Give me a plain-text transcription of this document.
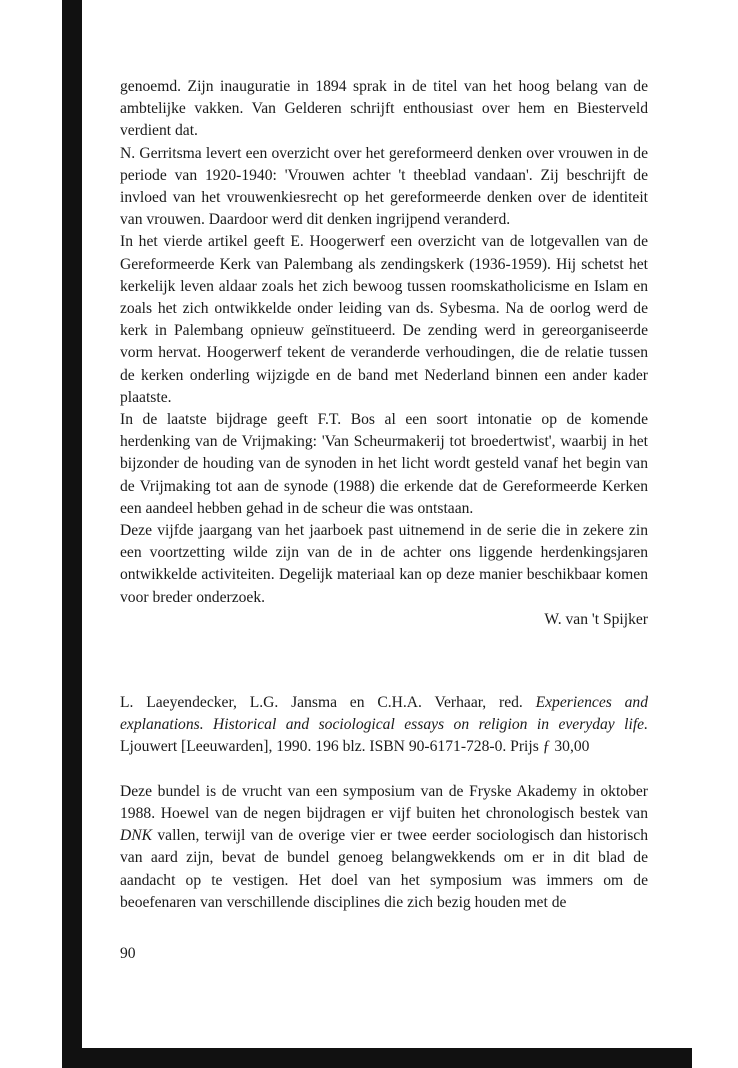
genoemd. Zijn inauguratie in 1894 sprak in de titel van het hoog belang van de ambtelijke vakken. Van Gelderen schrijft enthousiast over hem en Biesterveld verdient dat.

N. Gerritsma levert een overzicht over het gereformeerd denken over vrouwen in de periode van 1920-1940: 'Vrouwen achter 't theeblad vandaan'. Zij beschrijft de invloed van het vrouwenkiesrecht op het gereformeerde denken over de identiteit van vrouwen. Daardoor werd dit denken ingrijpend veranderd.

In het vierde artikel geeft E. Hoogerwerf een overzicht van de lotgevallen van de Gereformeerde Kerk van Palembang als zendingskerk (1936-1959). Hij schetst het kerkelijk leven aldaar zoals het zich bewoog tussen roomskatholicisme en Islam en zoals het zich ontwikkelde onder leiding van ds. Sybesma. Na de oorlog werd de kerk in Palembang opnieuw geïnstitueerd. De zending werd in gereorganiseerde vorm hervat. Hoogerwerf tekent de veranderde verhoudingen, die de relatie tussen de kerken onderling wijzigde en de band met Nederland binnen een ander kader plaatste.

In de laatste bijdrage geeft F.T. Bos al een soort intonatie op de komende herdenking van de Vrijmaking: 'Van Scheurmakerij tot broedertwist', waarbij in het bijzonder de houding van de synoden in het licht wordt gesteld vanaf het begin van de Vrijmaking tot aan de synode (1988) die erkende dat de Gereformeerde Kerken een aandeel hebben gehad in de scheur die was ontstaan.

Deze vijfde jaargang van het jaarboek past uitnemend in de serie die in zekere zin een voortzetting wilde zijn van de in de achter ons liggende herdenkingsjaren ontwikkelde activiteiten. Degelijk materiaal kan op deze manier beschikbaar komen voor breder onderzoek.

W. van 't Spijker

L. Laeyendecker, L.G. Jansma en C.H.A. Verhaar, red. Experiences and explanations. Historical and sociological essays on religion in everyday life. Ljouwert [Leeuwarden], 1990. 196 blz. ISBN 90-6171-728-0. Prijs ƒ 30,00

Deze bundel is de vrucht van een symposium van de Fryske Akademy in oktober 1988. Hoewel van de negen bijdragen er vijf buiten het chronologisch bestek van DNK vallen, terwijl van de overige vier er twee eerder sociologisch dan historisch van aard zijn, bevat de bundel genoeg belangwekkends om er in dit blad de aandacht op te vestigen. Het doel van het symposium was immers om de beoefenaren van verschillende disciplines die zich bezig houden met de

90
